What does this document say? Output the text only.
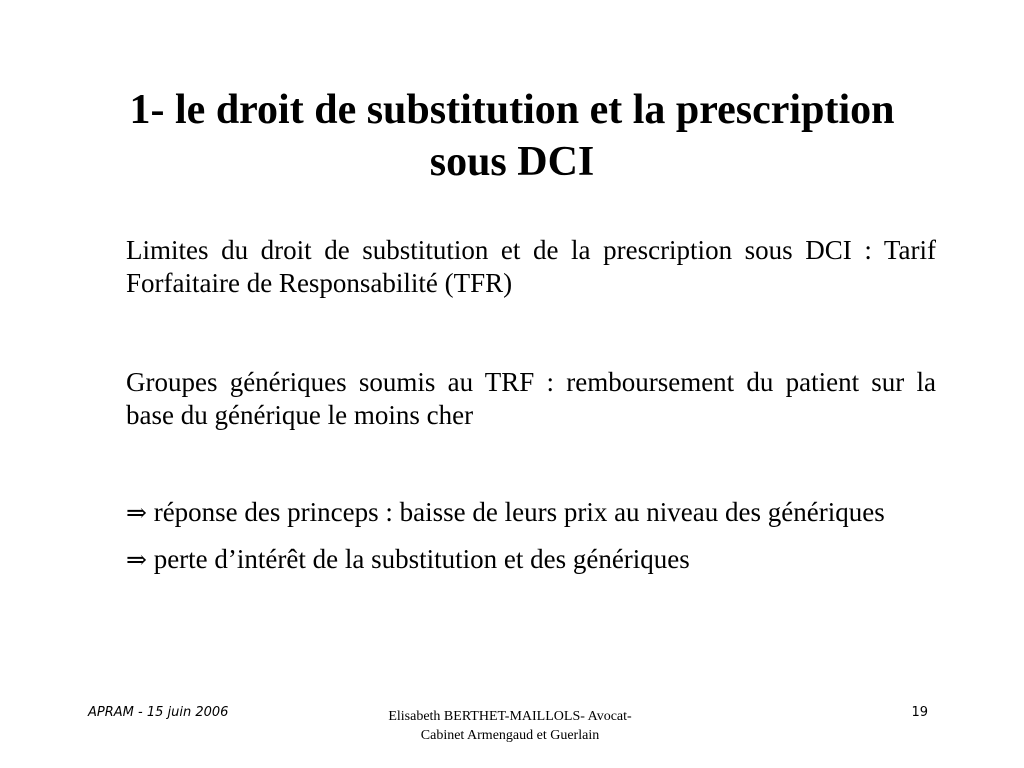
1- le droit de substitution et la prescription
sous DCI

Limites du droit de substitution et de la prescription sous DCI : Tarif Forfaitaire de Responsabilité (TFR)

Groupes génériques soumis au TRF : remboursement du patient sur la base du générique le moins cher

⇒ réponse des princeps : baisse de leurs prix au niveau des génériques

⇒ perte d’intérêt de la substitution et des génériques

APRAM - 15 juin 2006	Elisabeth BERTHET-MAILLOLS- Avocat-
Cabinet Armengaud et Guerlain
19
